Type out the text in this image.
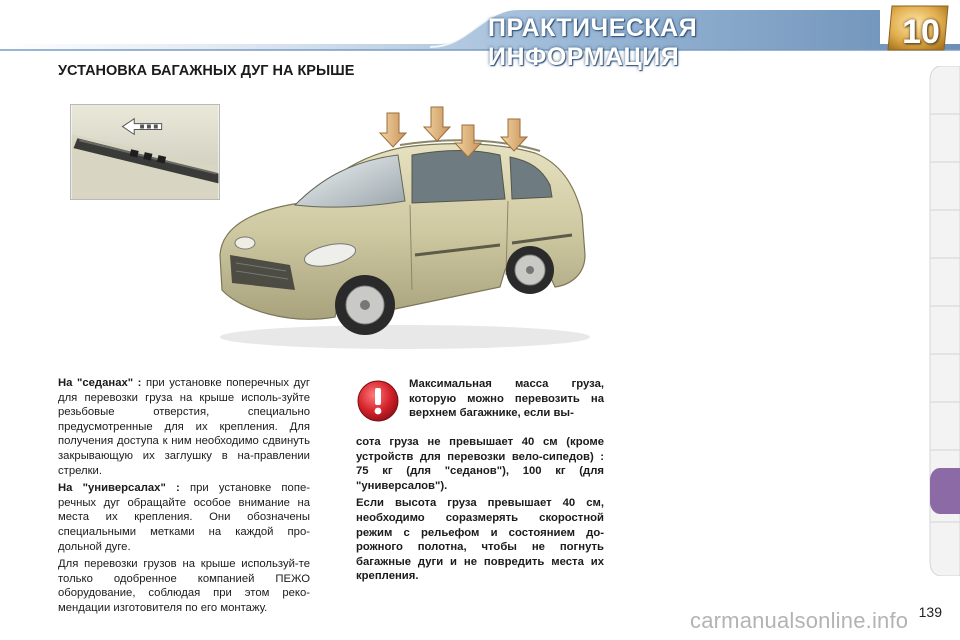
ПРАКТИЧЕСКАЯ ИНФОРМАЦИЯ
10
УСТАНОВКА БАГАЖНЫХ ДУГ НА КРЫШЕ

На "седанах" : при установке поперечных дуг для перевозки груза на крыше исполь-зуйте резьбовые отверстия, специально предусмотренные для их крепления. Для получения доступа к ним необходимо сдвинуть закрывающую их заглушку в на-правлении стрелки.

На "универсалах" : при установке попе-речных дуг обращайте особое внимание на места их крепления. Они обозначены специальными метками на каждой про-дольной дуге.

Для перевозки грузов на крыше используй-те только одобренное компанией ПЕЖО оборудование, соблюдая при этом реко-мендации изготовителя по его монтажу.

Максимальная масса груза, которую можно перевозить на верхнем багажнике, если вы-

сота груза не превышает 40 см (кроме устройств для перевозки вело-сипедов) : 75 кг (для "седанов"), 100 кг (для "универсалов").

Если высота груза превышает 40 см, необходимо соразмерять скоростной режим с рельефом и состоянием до-рожного полотна, чтобы не погнуть багажные дуги и не повредить места их крепления.

139
carmanualsonline.info
